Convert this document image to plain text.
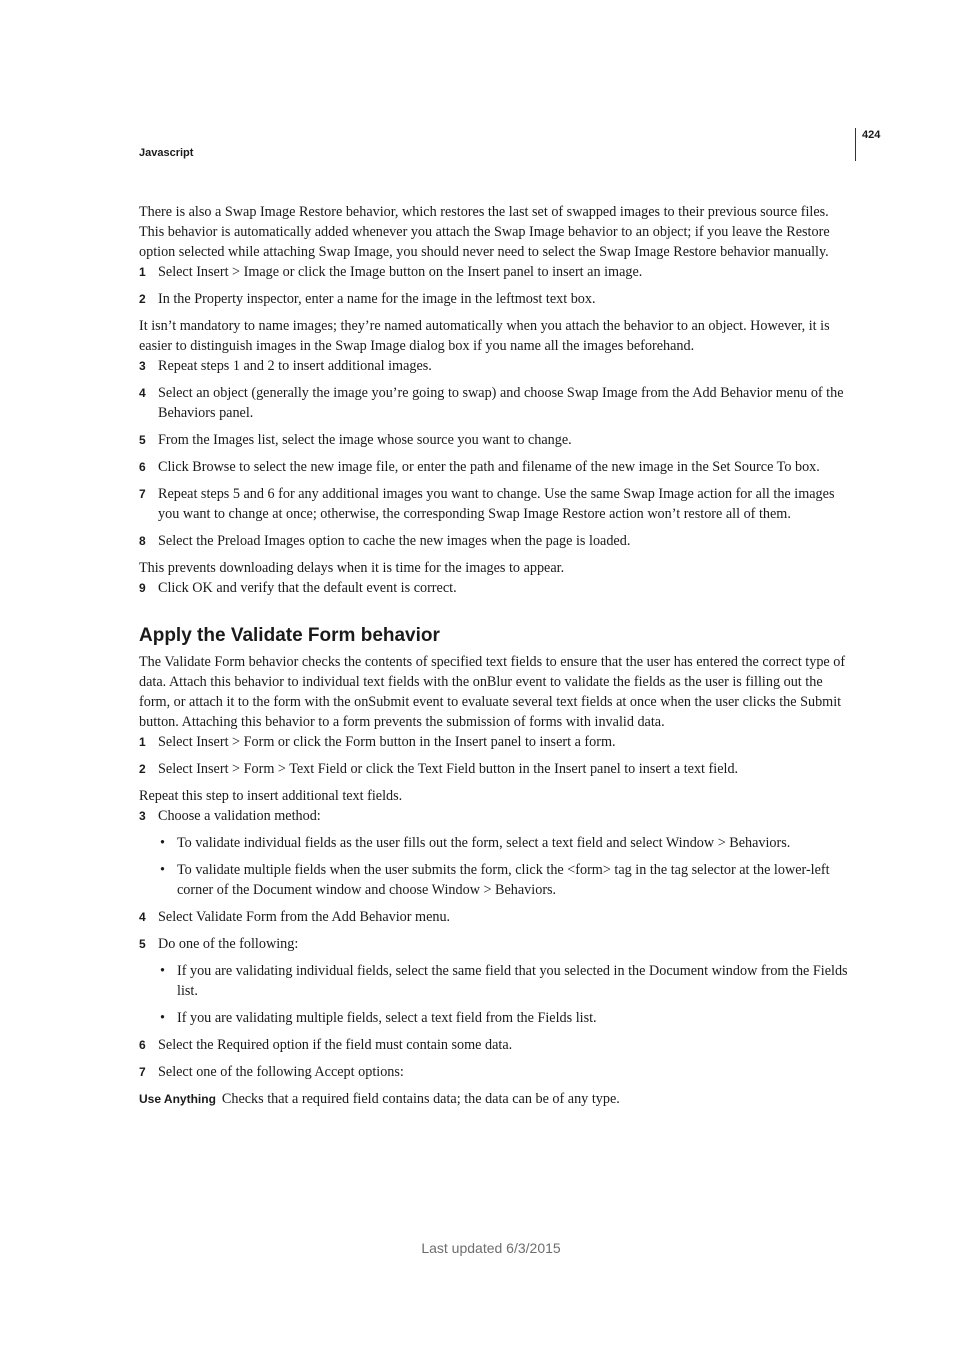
Javascript
424

There is also a Swap Image Restore behavior, which restores the last set of swapped images to their previous source files. This behavior is automatically added whenever you attach the Swap Image behavior to an object; if you leave the Restore option selected while attaching Swap Image, you should never need to select the Swap Image Restore behavior manually.

1 Select Insert > Image or click the Image button on the Insert panel to insert an image.
2 In the Property inspector, enter a name for the image in the leftmost text box.

It isn’t mandatory to name images; they’re named automatically when you attach the behavior to an object. However, it is easier to distinguish images in the Swap Image dialog box if you name all the images beforehand.

3 Repeat steps 1 and 2 to insert additional images.
4 Select an object (generally the image you’re going to swap) and choose Swap Image from the Add Behavior menu of the Behaviors panel.
5 From the Images list, select the image whose source you want to change.
6 Click Browse to select the new image file, or enter the path and filename of the new image in the Set Source To box.
7 Repeat steps 5 and 6 for any additional images you want to change. Use the same Swap Image action for all the images you want to change at once; otherwise, the corresponding Swap Image Restore action won’t restore all of them.
8 Select the Preload Images option to cache the new images when the page is loaded.

This prevents downloading delays when it is time for the images to appear.

9 Click OK and verify that the default event is correct.
Apply the Validate Form behavior

The Validate Form behavior checks the contents of specified text fields to ensure that the user has entered the correct type of data. Attach this behavior to individual text fields with the onBlur event to validate the fields as the user is filling out the form, or attach it to the form with the onSubmit event to evaluate several text fields at once when the user clicks the Submit button. Attaching this behavior to a form prevents the submission of forms with invalid data.

1 Select Insert > Form or click the Form button in the Insert panel to insert a form.
2 Select Insert > Form > Text Field or click the Text Field button in the Insert panel to insert a text field.

Repeat this step to insert additional text fields.

3 Choose a validation method:
• To validate individual fields as the user fills out the form, select a text field and select Window > Behaviors.
• To validate multiple fields when the user submits the form, click the <form> tag in the tag selector at the lower-left corner of the Document window and choose Window > Behaviors.
4 Select Validate Form from the Add Behavior menu.
5 Do one of the following:
• If you are validating individual fields, select the same field that you selected in the Document window from the Fields list.
• If you are validating multiple fields, select a text field from the Fields list.
6 Select the Required option if the field must contain some data.
7 Select one of the following Accept options:

Use Anything Checks that a required field contains data; the data can be of any type.

Last updated 6/3/2015
